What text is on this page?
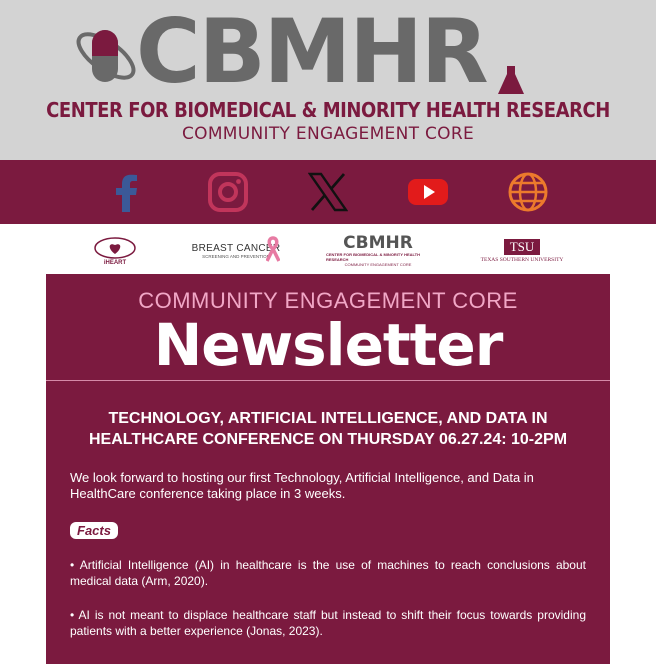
CBMHR
CENTER FOR BIOMEDICAL & MINORITY HEALTH RESEARCH
COMMUNITY ENGAGEMENT CORE
iHEART
BREAST CANCER
SCREENING AND PREVENTION
CBMHR
CENTER FOR BIOMEDICAL & MINORITY HEALTH RESEARCH
COMMUNITY ENGAGEMENT CORE
TSU
TEXAS SOUTHERN UNIVERSITY
COMMUNITY ENGAGEMENT CORE
Newsletter
TECHNOLOGY, ARTIFICIAL INTELLIGENCE, AND DATA IN HEALTHCARE CONFERENCE ON THURSDAY 06.27.24: 10-2PM
We look forward to hosting our first Technology, Artificial Intelligence, and Data in HealthCare conference taking place in 3 weeks.
Facts
• Artificial Intelligence (AI) in healthcare is the use of machines to reach conclusions about medical data (Arm, 2020).
• AI is not meant to displace healthcare staff but instead to shift their focus towards providing patients with a better experience (Jonas, 2023).
